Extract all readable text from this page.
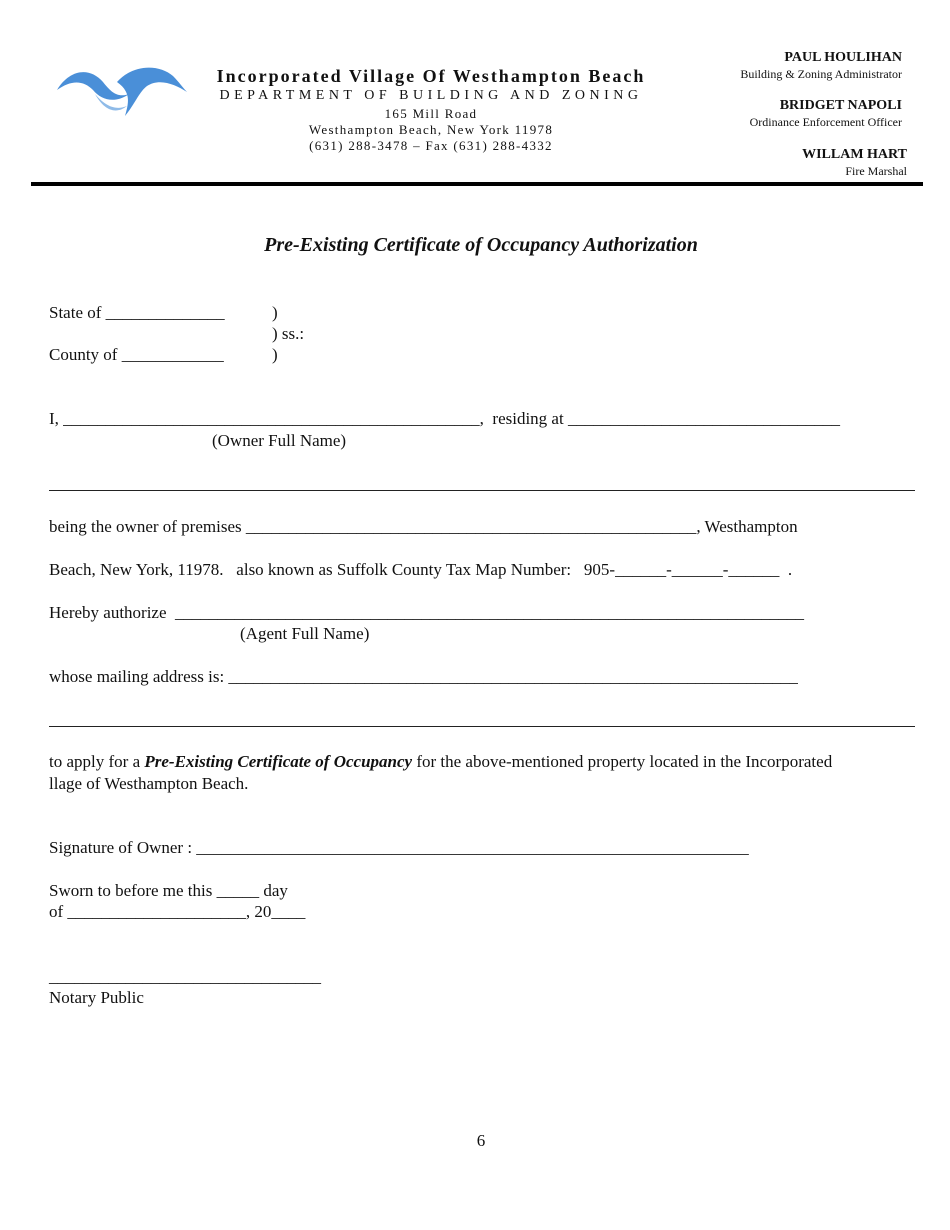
Incorporated Village Of Westhampton Beach
DEPARTMENT OF BUILDING AND ZONING
165 Mill Road
Westhampton Beach, New York 11978
(631) 288-3478 – Fax (631) 288-4332
PAUL HOULIHAN
Building & Zoning Administrator
BRIDGET NAPOLI
Ordinance Enforcement Officer
WILLAM HART
Fire Marshal
Pre-Existing Certificate of Occupancy Authorization
State of ______________	)
) ss.:
County of ____________	)
I, _________________________________________________,  residing at ________________________________
(Owner Full Name)
being the owner of premises _____________________________________________________, Westhampton
Beach, New York, 11978.   also known as Suffolk County Tax Map Number:   905-______-______-______  .
Hereby authorize  __________________________________________________________________________
(Agent Full Name)
whose mailing address is: ___________________________________________________________________
to apply for a Pre-Existing Certificate of Occupancy for the above-mentioned property located in the Incorporated
llage of Westhampton Beach.
Signature of Owner : _________________________________________________________________
Sworn to before me this _____ day
of _____________________, 20____
________________________________
Notary Public
6
